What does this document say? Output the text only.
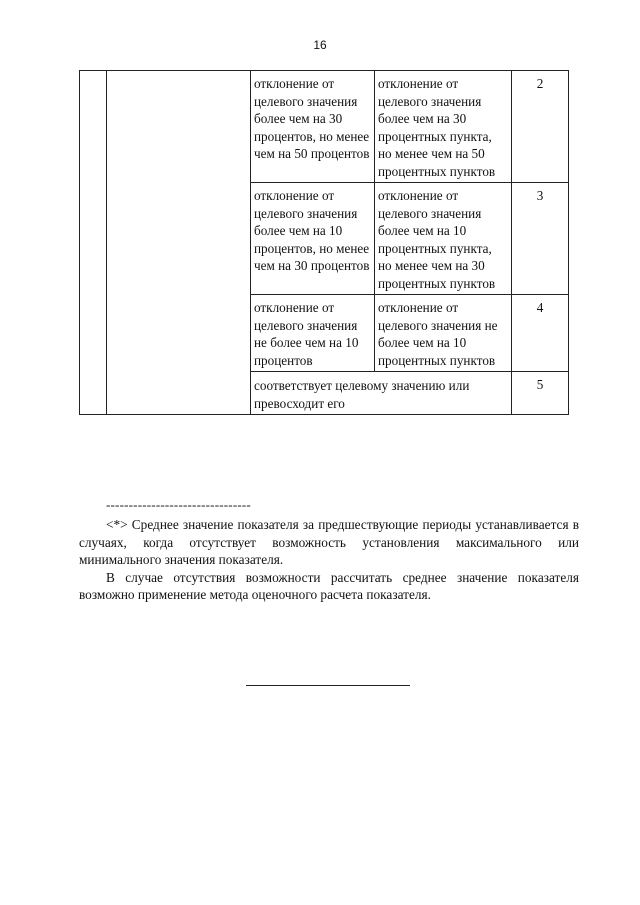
16
		отклонение от целевого значения более чем на 30 процентов, но менее чем на 50 процентов	отклонение от целевого значения более чем на 30 процентных пункта, но менее чем на 50 процентных пунктов	2
		отклонение от целевого значения более чем на 10 процентов, но менее чем на 30 процентов	отклонение от целевого значения более чем на 10 процентных пункта, но менее чем на 30 процентных пунктов	3
		отклонение от целевого значения не более чем на 10 процентов	отклонение от целевого значения не более чем на 10 процентных пунктов	4
		соответствует целевому значению или превосходит его		5
--------------------------------

<*> Среднее значение показателя за предшествующие периоды устанавливается в случаях, когда отсутствует возможность установления максимального или минимального значения показателя.

В случае отсутствия возможности рассчитать среднее значение показателя возможно применение метода оценочного расчета показателя.
